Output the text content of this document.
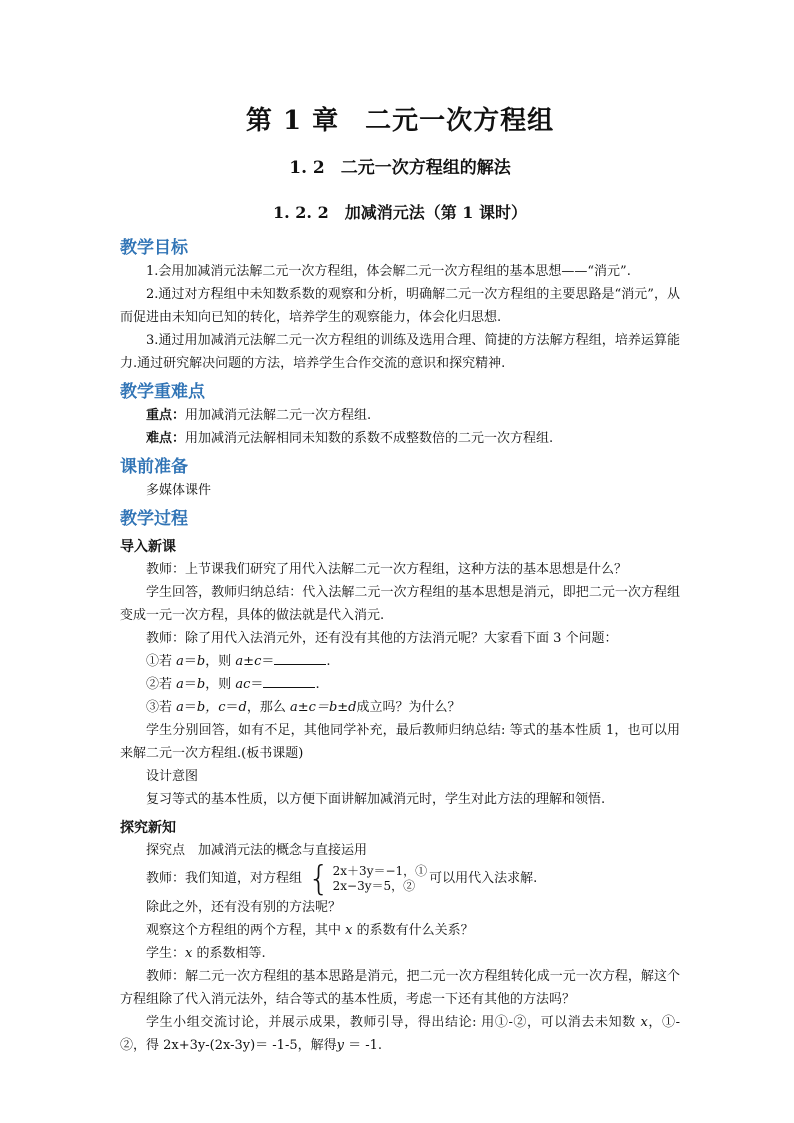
第 1 章 二元一次方程组
1. 2 二元一次方程组的解法
1. 2. 2 加减消元法（第 1 课时）
教学目标

1.会用加减消元法解二元一次方程组，体会解二元一次方程组的基本思想——“消元”.

2.通过对方程组中未知数系数的观察和分析，明确解二元一次方程组的主要思路是“消元”，从而促进由未知向已知的转化，培养学生的观察能力，体会化归思想.

3.通过用加减消元法解二元一次方程组的训练及选用合理、简捷的方法解方程组，培养运算能力.通过研究解决问题的方法，培养学生合作交流的意识和探究精神.

教学重难点

重点：用加减消元法解二元一次方程组.

难点：用加减消元法解相同未知数的系数不成整数倍的二元一次方程组.

课前准备

多媒体课件

教学过程
导入新课

教师：上节课我们研究了用代入法解二元一次方程组，这种方法的基本思想是什么？

学生回答，教师归纳总结：代入法解二元一次方程组的基本思想是消元，即把二元一次方程组变成一元一次方程，具体的做法就是代入消元.

教师：除了用代入法消元外，还有没有其他的方法消元呢？大家看下面 3 个问题：

①若 a＝b，则 a±c＝	.

②若 a＝b，则 ac＝	.

③若 a＝b，c＝d，那么 a±c＝b±d成立吗？为什么？

学生分别回答，如有不足，其他同学补充，最后教师归纳总结: 等式的基本性质 1，也可以用来解二元一次方程组.(板书课题)

设计意图

复习等式的基本性质，以方便下面讲解加减消元时，学生对此方法的理解和领悟.

探究新知

探究点　加减消元法的概念与直接运用

教师：我们知道，对方程组 { 2x＋3y＝−1，①
2x−3y＝5，②	可以用代入法求解.

除此之外，还有没有别的方法呢？

观察这个方程组的两个方程，其中 x 的系数有什么关系？

学生：x 的系数相等.

教师：解二元一次方程组的基本思路是消元，把二元一次方程组转化成一元一次方程，解这个方程组除了代入消元法外，结合等式的基本性质，考虑一下还有其他的方法吗？

学生小组交流讨论，并展示成果，教师引导，得出结论: 用①-②，可以消去未知数 x，①-②，得 2x+3y-(2x-3y)＝ -1-5，解得y ＝ -1.
